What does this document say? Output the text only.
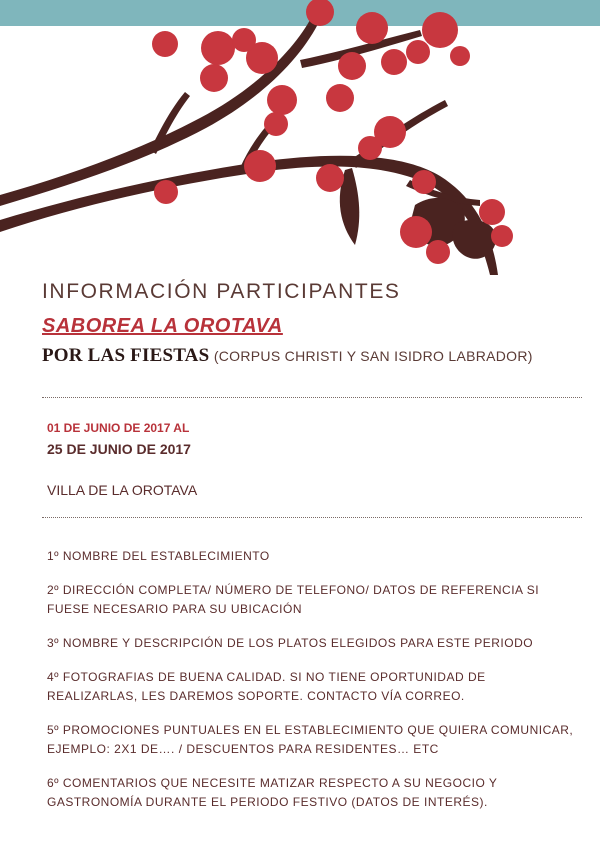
INFORMACIÓN PARTICIPANTES
SABOREA LA OROTAVA
POR LAS FIESTAS (CORPUS CHRISTI Y SAN ISIDRO LABRADOR)
01 DE JUNIO DE 2017 AL
25 DE JUNIO DE 2017
VILLA DE LA OROTAVA
1º NOMBRE DEL ESTABLECIMIENTO
2º DIRECCIÓN COMPLETA/ NÚMERO DE TELEFONO/ DATOS DE REFERENCIA SI FUESE NECESARIO PARA SU UBICACIÓN
3º NOMBRE Y DESCRIPCIÓN DE LOS PLATOS ELEGIDOS PARA ESTE PERIODO
4º FOTOGRAFIAS DE BUENA CALIDAD. SI NO TIENE OPORTUNIDAD DE REALIZARLAS, LES DAREMOS SOPORTE. CONTACTO VÍA CORREO.
5º PROMOCIONES PUNTUALES EN EL ESTABLECIMIENTO QUE QUIERA COMUNICAR, EJEMPLO: 2X1 DE…. / DESCUENTOS PARA RESIDENTES… ETC
6º COMENTARIOS QUE NECESITE MATIZAR RESPECTO A SU NEGOCIO Y GASTRONOMÍA DURANTE EL PERIODO FESTIVO (DATOS DE INTERÉS).
